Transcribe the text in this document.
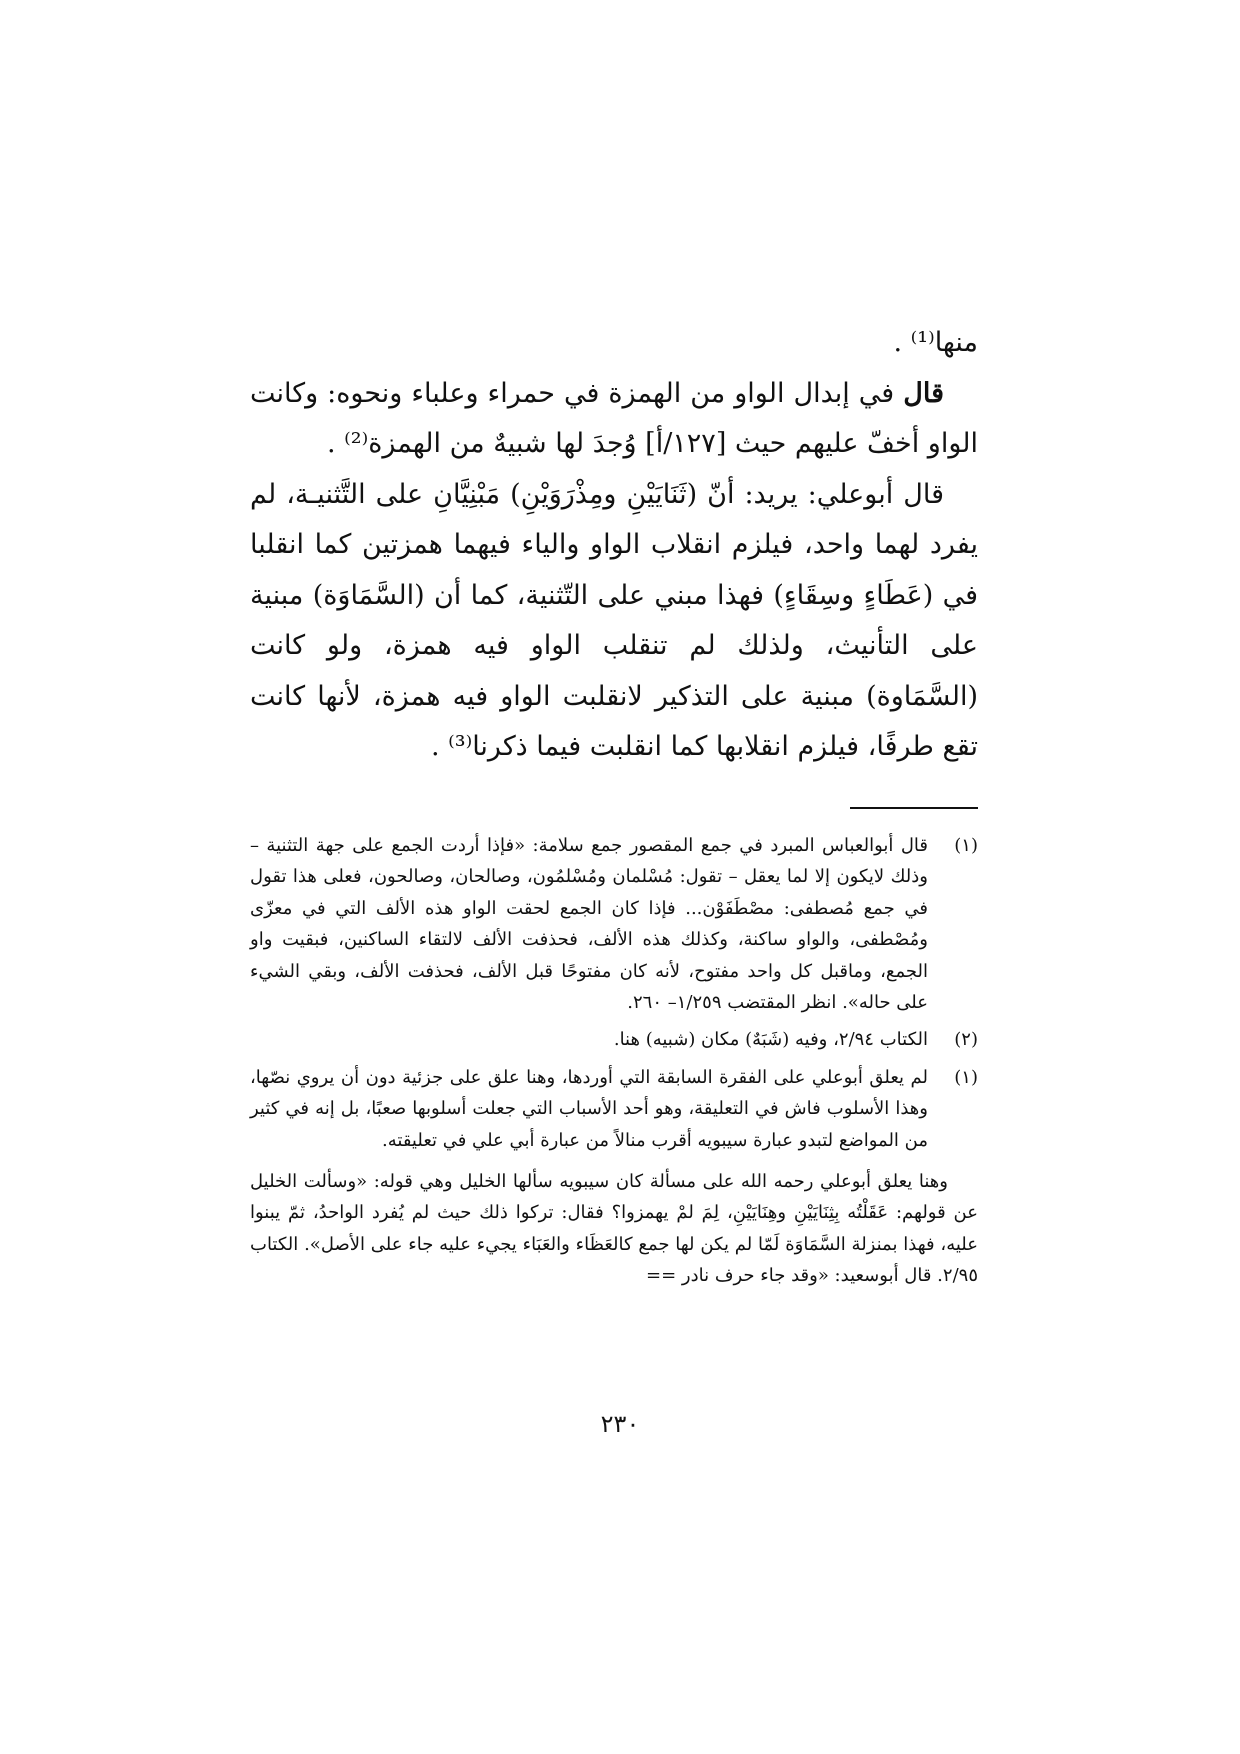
منها⁽¹⁾ .

قال في إبدال الواو من الهمزة في حمراء وعلباء ونحوه: وكانت الواو أخفّ عليهم حيث [١٢٧/أ] وُجدَ لها شبيهٌ من الهمزة⁽²⁾ .

قال أبوعلي: يريد: أنّ (ثَنَايَيْنِ ومِذْرَوَيْنِ) مَبْنِيَّانِ على التَّثنيـة، لم يفرد لهما واحد، فيلزم انقلاب الواو والياء فيهما همزتين كما انقلبا في (عَطَاءٍ وسِقَاءٍ) فهذا مبني على التّثنية، كما أن (السَّمَاوَة) مبنية على التأنيث، ولذلك لم تنقلب الواو فيه همزة، ولو كانت (السَّمَاوة) مبنية على التذكير لانقلبت الواو فيه همزة، لأنها كانت تقع طرفًا، فيلزم انقلابها كما انقلبت فيما ذكرنا⁽³⁾ .

(١)
قال أبوالعباس المبرد في جمع المقصور جمع سلامة: «فإذا أردت الجمع على جهة التثنية – وذلك لايكون إلا لما يعقل – تقول: مُسْلمان ومُسْلمُون، وصالحان، وصالحون، فعلى هذا تقول في جمع مُصطفى: مصْطَفَوْن... فإذا كان الجمع لحقت الواو هذه الألف التي في معزّى ومُصْطفى، والواو ساكنة، وكذلك هذه الألف، فحذفت الألف لالتقاء الساكنين، فبقيت واو الجمع، وماقبل كل واحد مفتوح، لأنه كان مفتوحًا قبل الألف، فحذفت الألف، وبقي الشيء على حاله». انظر المقتضب ١/٢٥٩– ٢٦٠.
(٢)
الكتاب ٢/٩٤، وفيه (شَبَهٌ) مكان (شبيه) هنا.
(١)
لم يعلق أبوعلي على الفقرة السابقة التي أوردها، وهنا علق على جزئية دون أن يروي نصّها، وهذا الأسلوب فاش في التعليقة، وهو أحد الأسباب التي جعلت أسلوبها صعبًا، بل إنه في كثير من المواضع لتبدو عبارة سيبويه أقرب منالاً من عبارة أبي علي في تعليقته.

وهنا يعلق أبوعلي رحمه الله على مسألة كان سيبويه سألها الخليل وهي قوله: «وسألت الخليل عن قولهم: عَقَلْتُه بِثِنَايَيْنِ وهِنَايَيْنِ، لِمَ لمْ يهمزوا؟ فقال: تركوا ذلك حيث لم يُفرد الواحدُ، ثمّ يبنوا عليه، فهذا بمنزلة السَّمَاوَة لَمّا لم يكن لها جمع كالعَظَاء والعَبَاء يجيء عليه جاء على الأصل». الكتاب ٢/٩٥. قال أبوسعيد: «وقد جاء حرف نادر ==

٢٣٠
